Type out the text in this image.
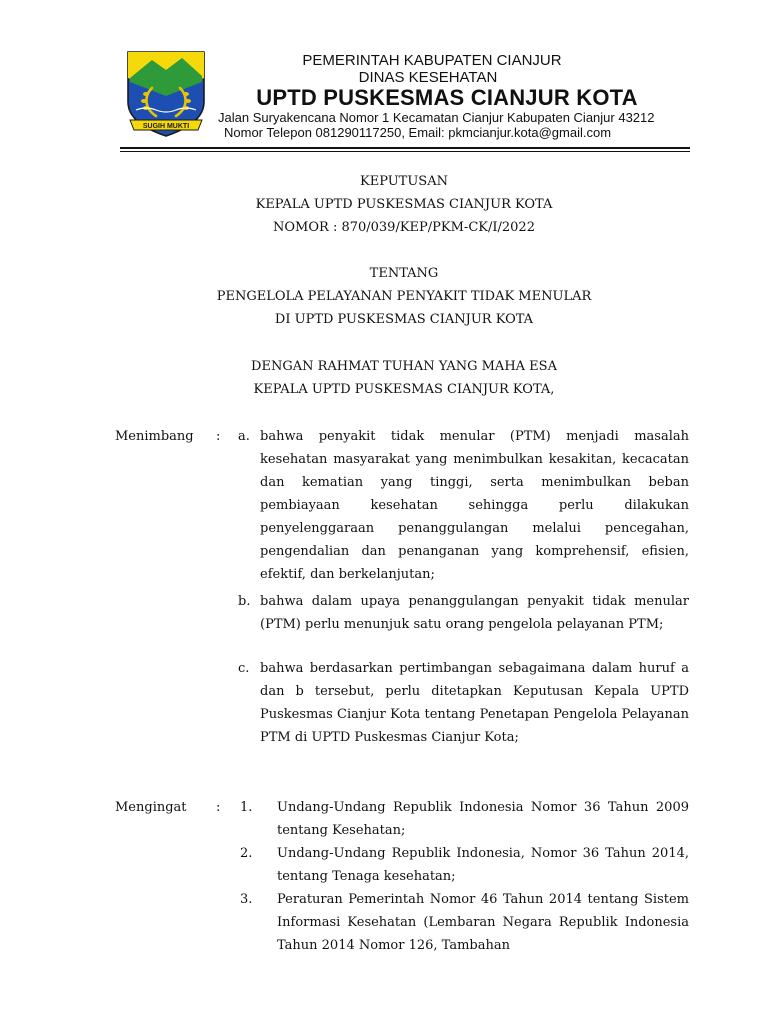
SUGIH MUKTI
PEMERINTAH KABUPATEN CIANJUR
DINAS KESEHATAN
UPTD PUSKESMAS CIANJUR KOTA
Jalan Suryakencana Nomor 1 Kecamatan Cianjur Kabupaten Cianjur 43212
Nomor Telepon 081290117250, Email: pkmcianjur.kota@gmail.com
KEPUTUSAN
KEPALA UPTD PUSKESMAS CIANJUR KOTA
NOMOR : 870/039/KEP/PKM-CK/I/2022
TENTANG
PENGELOLA PELAYANAN PENYAKIT TIDAK MENULAR
DI UPTD PUSKESMAS CIANJUR KOTA
DENGAN RAHMAT TUHAN YANG MAHA ESA
KEPALA UPTD PUSKESMAS CIANJUR KOTA,
Menimbang : a. bahwa penyakit tidak menular (PTM) menjadi masalah kesehatan masyarakat yang menimbulkan kesakitan, kecacatan dan kematian yang tinggi, serta menimbulkan beban pembiayaan kesehatan sehingga perlu dilakukan penyelenggaraan penanggulangan melalui pencegahan, pengendalian dan penanganan yang komprehensif, efisien, efektif, dan berkelanjutan;

b. bahwa dalam upaya penanggulangan penyakit tidak menular (PTM) perlu menunjuk satu orang pengelola pelayanan PTM;

c. bahwa berdasarkan pertimbangan sebagaimana dalam huruf a dan b tersebut, perlu ditetapkan Keputusan Kepala UPTD Puskesmas Cianjur Kota tentang Penetapan Pengelola Pelayanan PTM di UPTD Puskesmas Cianjur Kota;

Mengingat : 1. Undang-Undang Republik Indonesia Nomor 36 Tahun 2009 tentang Kesehatan;

2. Undang-Undang Republik Indonesia, Nomor 36 Tahun 2014, tentang Tenaga kesehatan;

3. Peraturan Pemerintah Nomor 46 Tahun 2014 tentang Sistem Informasi Kesehatan (Lembaran Negara Republik Indonesia Tahun 2014 Nomor 126, Tambahan
